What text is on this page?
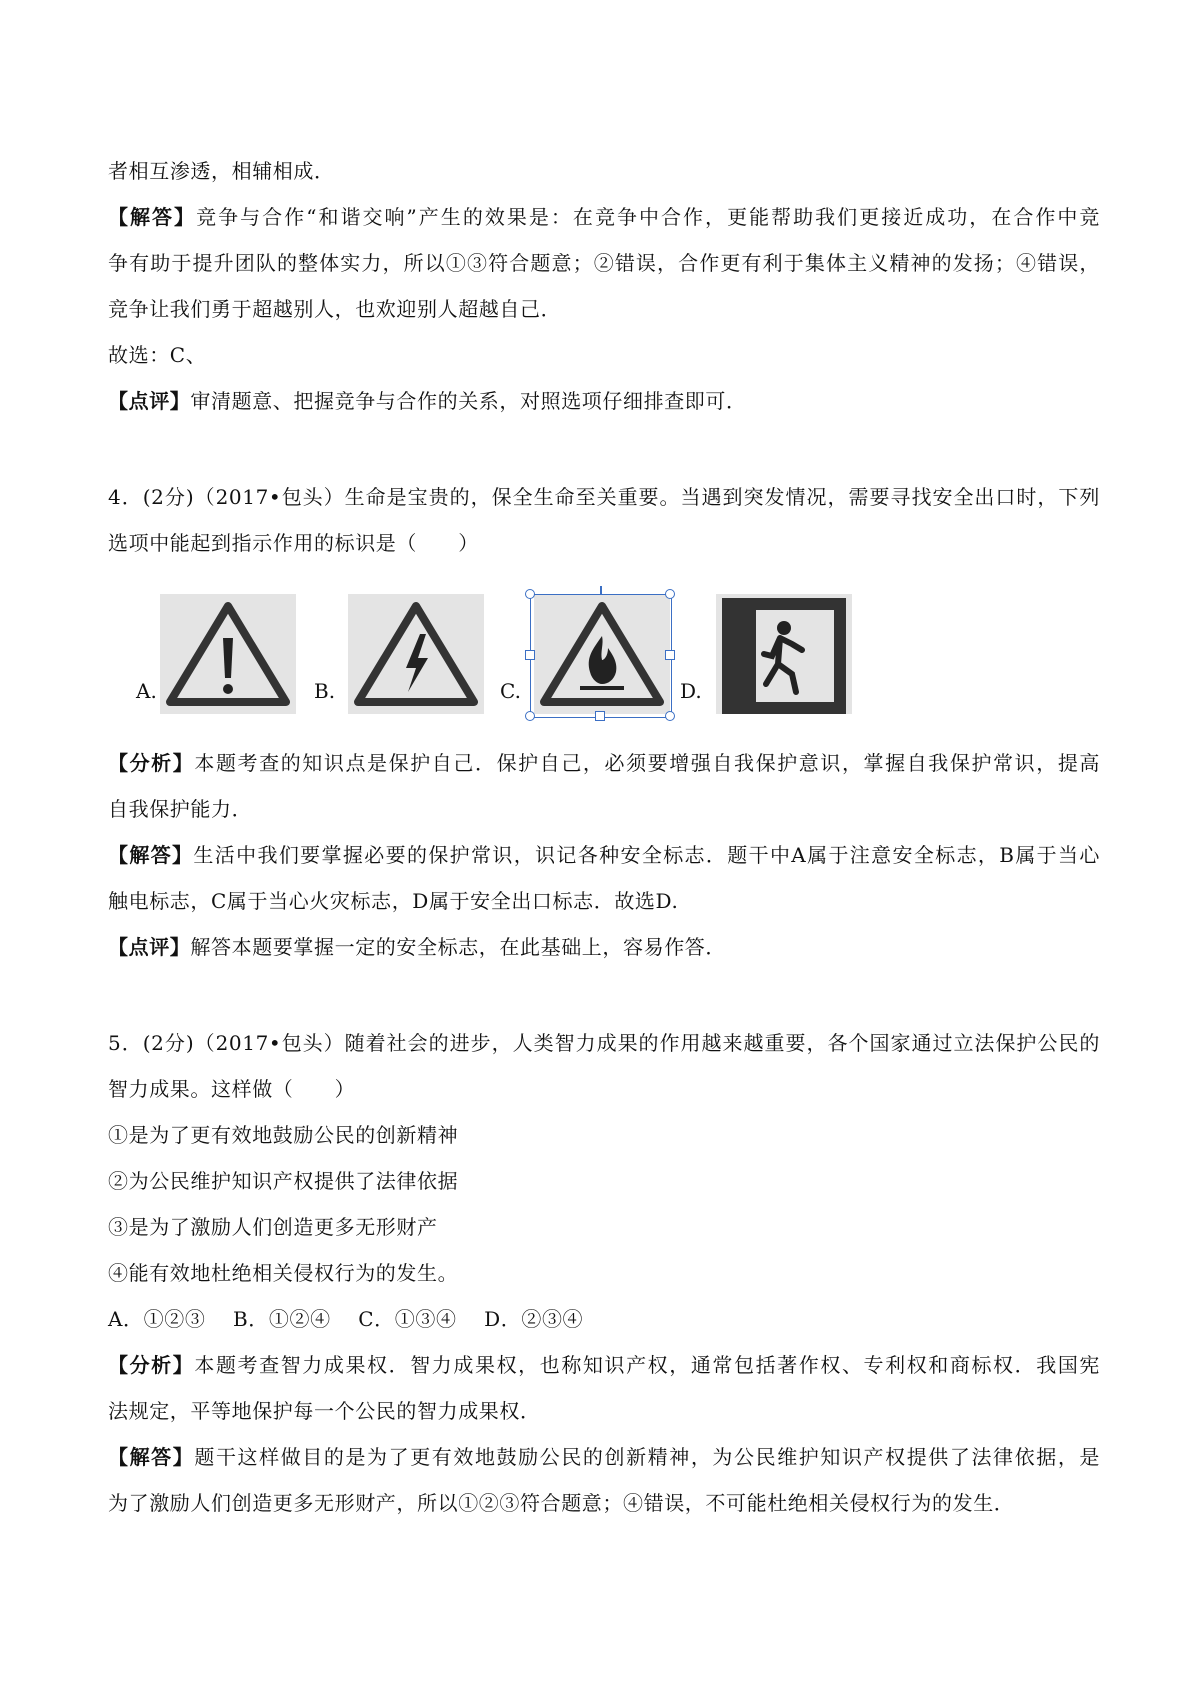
者相互渗透，相辅相成．
【解答】竞争与合作“和谐交响”产生的效果是：在竞争中合作，更能帮助我们更接近成功，在合作中竞
争有助于提升团队的整体实力，所以①③符合题意；②错误，合作更有利于集体主义精神的发扬；④错误，
竞争让我们勇于超越别人，也欢迎别人超越自己．
故选：C、
【点评】审清题意、把握竞争与合作的关系，对照选项仔细排查即可．
4．(2分)（2017•包头）生命是宝贵的，保全生命至关重要。当遇到突发情况，需要寻找安全出口时，下列
选项中能起到指示作用的标识是（　　）
A.	B.	C.	D.
【分析】本题考查的知识点是保护自己．保护自己，必须要增强自我保护意识，掌握自我保护常识，提高
自我保护能力．
【解答】生活中我们要掌握必要的保护常识，识记各种安全标志．题干中A属于注意安全标志，B属于当心
触电标志，C属于当心火灾标志，D属于安全出口标志．故选D.
【点评】解答本题要掌握一定的安全标志，在此基础上，容易作答．
5．(2分)（2017•包头）随着社会的进步，人类智力成果的作用越来越重要，各个国家通过立法保护公民的
智力成果。这样做（　　）
①是为了更有效地鼓励公民的创新精神
②为公民维护知识产权提供了法律依据
③是为了激励人们创造更多无形财产
④能有效地杜绝相关侵权行为的发生。
A．①②③　 B．①②④　 C．①③④　 D．②③④
【分析】本题考查智力成果权．智力成果权，也称知识产权，通常包括著作权、专利权和商标权．我国宪
法规定，平等地保护每一个公民的智力成果权．
【解答】题干这样做目的是为了更有效地鼓励公民的创新精神，为公民维护知识产权提供了法律依据，是
为了激励人们创造更多无形财产，所以①②③符合题意；④错误，不可能杜绝相关侵权行为的发生．
